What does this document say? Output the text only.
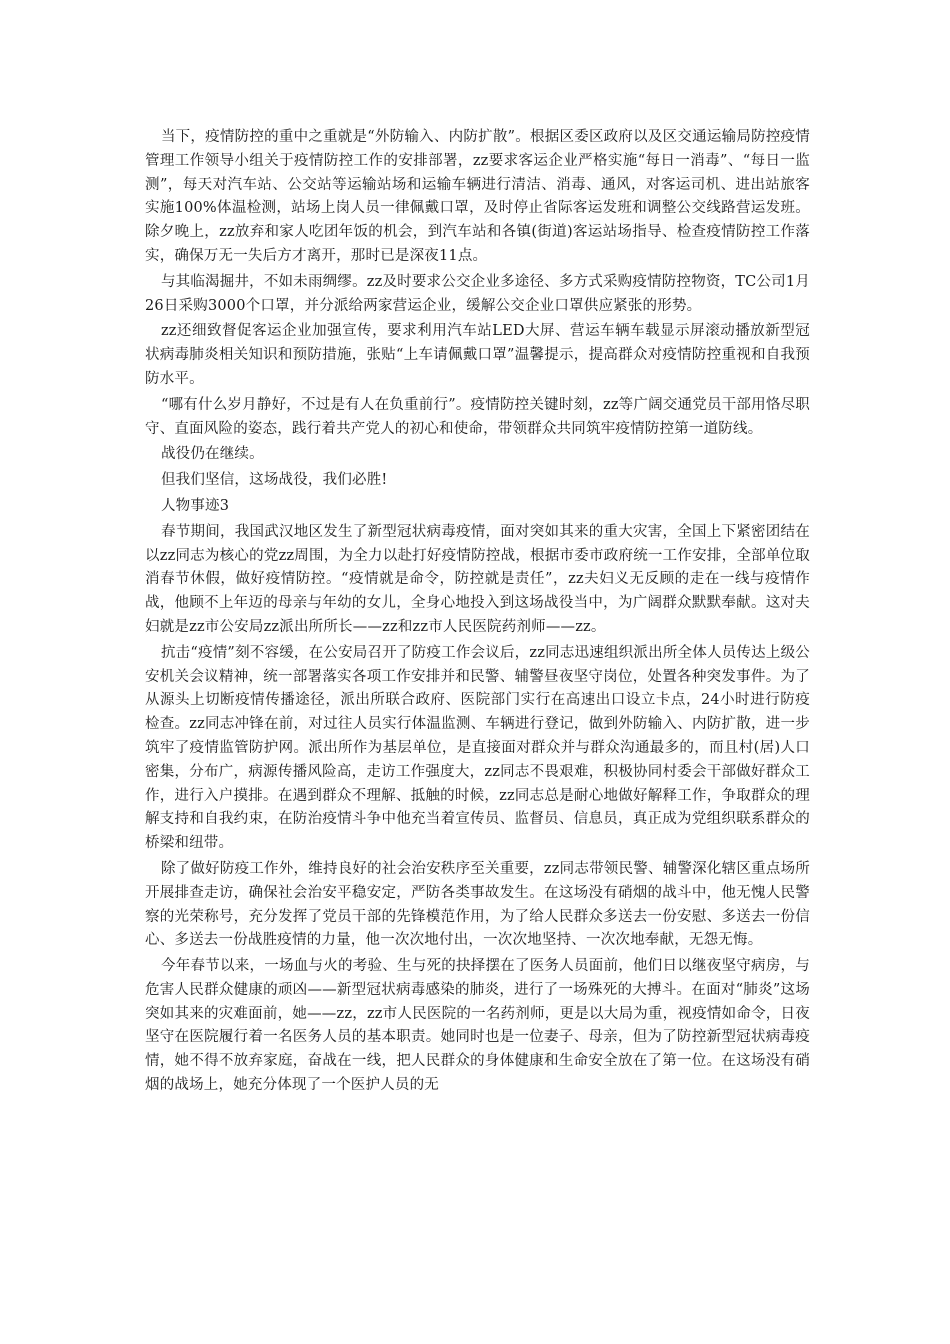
当下，疫情防控的重中之重就是“外防输入、内防扩散”。根据区委区政府以及区交通运输局防控疫情管理工作领导小组关于疫情防控工作的安排部署，zz要求客运企业严格实施“每日一消毒”、“每日一监测”，每天对汽车站、公交站等运输站场和运输车辆进行清洁、消毒、通风，对客运司机、进出站旅客实施100%体温检测，站场上岗人员一律佩戴口罩，及时停止省际客运发班和调整公交线路营运发班。除夕晚上，zz放弃和家人吃团年饭的机会，到汽车站和各镇(街道)客运站场指导、检查疫情防控工作落实，确保万无一失后方才离开，那时已是深夜11点。

与其临渴掘井，不如未雨绸缪。zz及时要求公交企业多途径、多方式采购疫情防控物资，TC公司1月26日采购3000个口罩，并分派给两家营运企业，缓解公交企业口罩供应紧张的形势。

zz还细致督促客运企业加强宣传，要求利用汽车站LED大屏、营运车辆车载显示屏滚动播放新型冠状病毒肺炎相关知识和预防措施，张贴“上车请佩戴口罩”温馨提示，提高群众对疫情防控重视和自我预防水平。

“哪有什么岁月静好，不过是有人在负重前行”。疫情防控关键时刻，zz等广阔交通党员干部用恪尽职守、直面风险的姿态，践行着共产党人的初心和使命，带领群众共同筑牢疫情防控第一道防线。

战役仍在继续。

但我们坚信，这场战役，我们必胜!

人物事迹3

春节期间，我国武汉地区发生了新型冠状病毒疫情，面对突如其来的重大灾害，全国上下紧密团结在以zz同志为核心的党zz周围，为全力以赴打好疫情防控战，根据市委市政府统一工作安排，全部单位取消春节休假，做好疫情防控。“疫情就是命令，防控就是责任”，zz夫妇义无反顾的走在一线与疫情作战，他顾不上年迈的母亲与年幼的女儿，全身心地投入到这场战役当中，为广阔群众默默奉献。这对夫妇就是zz市公安局zz派出所所长——zz和zz市人民医院药剂师——zz。

抗击“疫情”刻不容缓，在公安局召开了防疫工作会议后，zz同志迅速组织派出所全体人员传达上级公安机关会议精神，统一部署落实各项工作安排并和民警、辅警昼夜坚守岗位，处置各种突发事件。为了从源头上切断疫情传播途径，派出所联合政府、医院部门实行在高速出口设立卡点，24小时进行防疫检查。zz同志冲锋在前，对过往人员实行体温监测、车辆进行登记，做到外防输入、内防扩散，进一步筑牢了疫情监管防护网。派出所作为基层单位，是直接面对群众并与群众沟通最多的，而且村(居)人口密集，分布广，病源传播风险高，走访工作强度大，zz同志不畏艰难，积极协同村委会干部做好群众工作，进行入户摸排。在遇到群众不理解、抵触的时候，zz同志总是耐心地做好解释工作，争取群众的理解支持和自我约束，在防治疫情斗争中他充当着宣传员、监督员、信息员，真正成为党组织联系群众的桥梁和纽带。

除了做好防疫工作外，维持良好的社会治安秩序至关重要，zz同志带领民警、辅警深化辖区重点场所开展排查走访，确保社会治安平稳安定，严防各类事故发生。在这场没有硝烟的战斗中，他无愧人民警察的光荣称号，充分发挥了党员干部的先锋模范作用，为了给人民群众多送去一份安慰、多送去一份信心、多送去一份战胜疫情的力量，他一次次地付出，一次次地坚持、一次次地奉献，无怨无悔。

今年春节以来，一场血与火的考验、生与死的抉择摆在了医务人员面前，他们日以继夜坚守病房，与危害人民群众健康的顽凶——新型冠状病毒感染的肺炎，进行了一场殊死的大搏斗。在面对“肺炎”这场突如其来的灾难面前，她——zz，zz市人民医院的一名药剂师，更是以大局为重，视疫情如命令，日夜坚守在医院履行着一名医务人员的基本职责。她同时也是一位妻子、母亲，但为了防控新型冠状病毒疫情，她不得不放弃家庭，奋战在一线，把人民群众的身体健康和生命安全放在了第一位。在这场没有硝烟的战场上，她充分体现了一个医护人员的无
